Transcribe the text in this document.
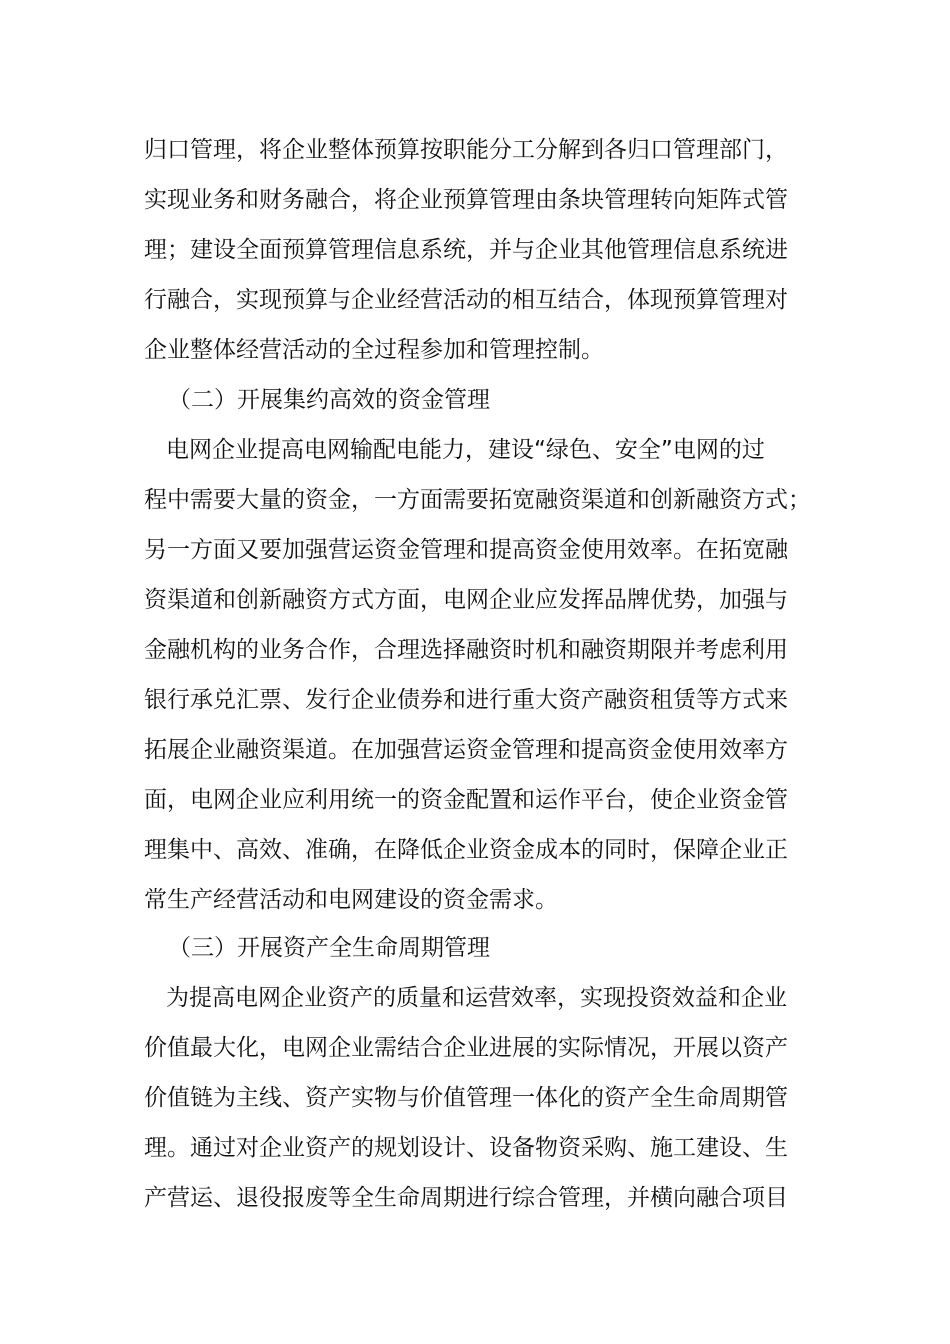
归口管理，将企业整体预算按职能分工分解到各归口管理部门，
实现业务和财务融合，将企业预算管理由条块管理转向矩阵式管
理；建设全面预算管理信息系统，并与企业其他管理信息系统进
行融合，实现预算与企业经营活动的相互结合，体现预算管理对
企业整体经营活动的全过程参加和管理控制。
（二）开展集约高效的资金管理
电网企业提高电网输配电能力，建设“绿色、安全”电网的过
程中需要大量的资金，一方面需要拓宽融资渠道和创新融资方式；
另一方面又要加强营运资金管理和提高资金使用效率。在拓宽融
资渠道和创新融资方式方面，电网企业应发挥品牌优势，加强与
金融机构的业务合作，合理选择融资时机和融资期限并考虑利用
银行承兑汇票、发行企业债券和进行重大资产融资租赁等方式来
拓展企业融资渠道。在加强营运资金管理和提高资金使用效率方
面，电网企业应利用统一的资金配置和运作平台，使企业资金管
理集中、高效、准确，在降低企业资金成本的同时，保障企业正
常生产经营活动和电网建设的资金需求。
（三）开展资产全生命周期管理
为提高电网企业资产的质量和运营效率，实现投资效益和企业
价值最大化，电网企业需结合企业进展的实际情况，开展以资产
价值链为主线、资产实物与价值管理一体化的资产全生命周期管
理。通过对企业资产的规划设计、设备物资采购、施工建设、生
产营运、退役报废等全生命周期进行综合管理，并横向融合项目
